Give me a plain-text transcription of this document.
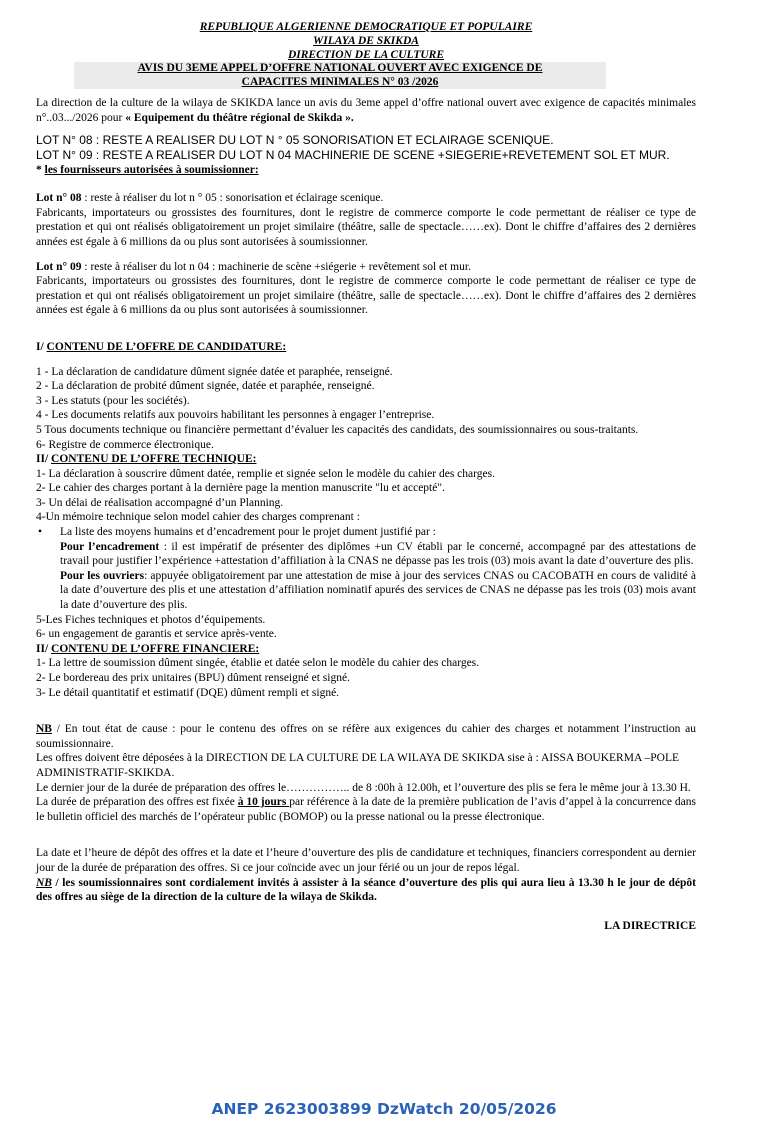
REPUBLIQUE ALGERIENNE DEMOCRATIQUE ET POPULAIRE
WILAYA DE SKIKDA
DIRECTION DE LA CULTURE
AVIS DU 3EME APPEL D’OFFRE NATIONAL OUVERT AVEC EXIGENCE DE
CAPACITES MINIMALES N° 03 /2026

La direction de la culture de la wilaya de SKIKDA lance un avis du 3eme appel d’offre national ouvert avec exigence de capacités minimales n°..03.../2026 pour « Equipement du théâtre régional de Skikda ».

LOT N° 08 : RESTE A REALISER DU LOT N ° 05 SONORISATION ET ECLAIRAGE SCENIQUE.
LOT N° 09 : RESTE A REALISER DU LOT N 04 MACHINERIE DE SCENE +SIEGERIE+REVETEMENT SOL ET MUR.

* les fournisseurs autorisées à soumissionner:

Lot n° 08 : reste à réaliser du lot n ° 05 : sonorisation et éclairage scenique.

Fabricants, importateurs ou grossistes des fournitures, dont le registre de commerce comporte le code permettant de réaliser ce type de prestation et qui ont réalisés obligatoirement un projet similaire (théâtre, salle de spectacle……ex). Dont le chiffre d’affaires des 2 dernières années est égale à 6 millions da ou plus sont autorisées à soumissionner.

Lot n° 09 : reste à réaliser du lot n 04 : machinerie de scène +siégerie + revêtement sol et mur.

Fabricants, importateurs ou grossistes des fournitures, dont le registre de commerce comporte le code permettant de réaliser ce type de prestation et qui ont réalisés obligatoirement un projet similaire (théâtre, salle de spectacle……ex). Dont le chiffre d’affaires des 2 dernières années est égale à 6 millions da ou plus sont autorisées à soumissionner.

I/ CONTENU DE L’OFFRE DE CANDIDATURE:

1 - La déclaration de candidature dûment signée datée et paraphée, renseigné.

2 - La déclaration de probité dûment signée, datée et paraphée, renseigné.

3 - Les statuts (pour les sociétés).

4 - Les documents relatifs aux pouvoirs habilitant les personnes à engager l’entreprise.

5 Tous documents technique ou financière permettant d’évaluer les capacités des candidats, des soumissionnaires ou sous-traitants.

6- Registre de commerce électronique.

II/ CONTENU DE L’OFFRE TECHNIQUE:

1- La déclaration à souscrire dûment datée, remplie et signée selon le modèle du cahier des charges.

2- Le cahier des charges portant à la dernière page la mention manuscrite "lu et accepté".

3- Un délai de réalisation accompagné d’un Planning.

4-Un mémoire technique selon model cahier des charges comprenant :

• La liste des moyens humains et d’encadrement pour le projet dument justifié par :

Pour l’encadrement : il est impératif de présenter des diplômes +un CV établi par le concerné, accompagné par des attestations de travail pour justifier l’expérience +attestation d’affiliation à la CNAS ne dépasse pas les trois (03) mois avant la date d’ouverture des plis.

Pour les ouvriers: appuyée obligatoirement par une attestation de mise à jour des services CNAS ou CACOBATH en cours de validité à la date d’ouverture des plis et une attestation d’affiliation nominatif apurés des services de CNAS ne dépasse pas les trois (03) mois avant la date d’ouverture des plis.

5-Les Fiches techniques et photos d’équipements.

6- un engagement de garantis et service après-vente.

II/ CONTENU DE L’OFFRE FINANCIERE:

1- La lettre de soumission dûment singée, établie et datée selon le modèle du cahier des charges.

2- Le bordereau des prix unitaires (BPU) dûment renseigné et signé.

3- Le détail quantitatif et estimatif (DQE) dûment rempli et signé.

NB / En tout état de cause : pour le contenu des offres on se réfère aux exigences du cahier des charges et notamment l’instruction au soumissionnaire.

Les offres doivent être déposées à la DIRECTION DE LA CULTURE DE LA WILAYA DE SKIKDA sise à : AISSA BOUKERMA –POLE ADMINISTRATIF-SKIKDA.

Le dernier jour de la durée de préparation des offres le…………….. de 8 :00h à 12.00h, et l’ouverture des plis se fera le même jour à 13.30 H.

La durée de préparation des offres est fixée à 10 jours par référence à la date de la première publication de l’avis d’appel à la concurrence dans le bulletin officiel des marchés de l’opérateur public (BOMOP) ou la presse national ou la presse électronique.

La date et l’heure de dépôt des offres et la date et l’heure d’ouverture des plis de candidature et techniques, financiers correspondent au dernier jour de la durée de préparation des offres. Si ce jour coïncide avec un jour férié ou un jour de repos légal.

NB / les soumissionnaires sont cordialement invités à assister à la séance d’ouverture des plis qui aura lieu à 13.30 h le jour de dépôt des offres au siège de la direction de la culture de la wilaya de Skikda.

LA DIRECTRICE

ANEP 2623003899 DzWatch 20/05/2026
